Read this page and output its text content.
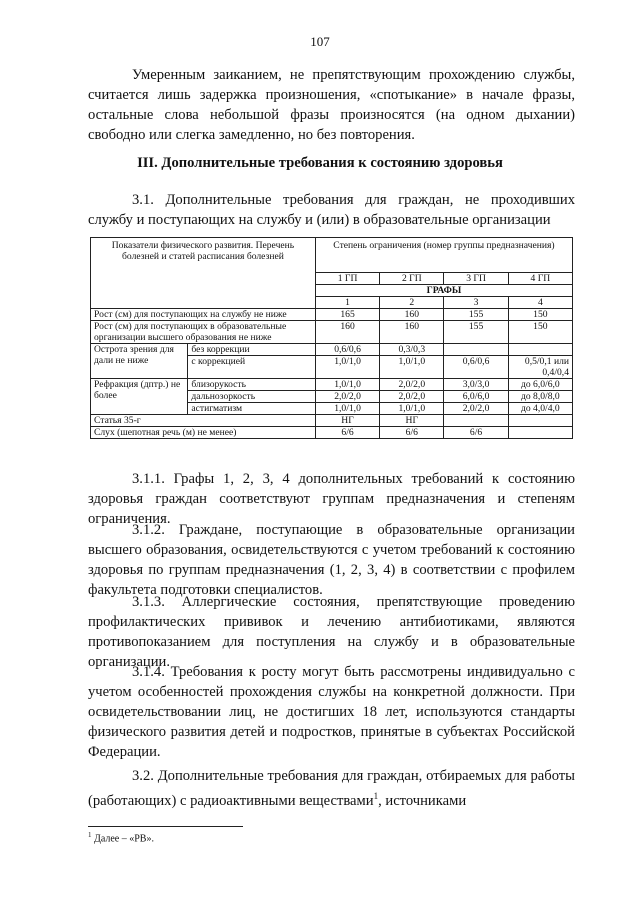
107

Умеренным заиканием, не препятствующим прохождению службы, считается лишь задержка произношения, «спотыкание» в начале фразы, остальные слова небольшой фразы произносятся (на одном дыхании) свободно или слегка замедленно, но без повторения.

III. Дополнительные требования к состоянию здоровья

3.1. Дополнительные требования для граждан, не проходивших службу и поступающих на службу и (или) в образовательные организации

Показатели физического развития. Перечень болезней и статей расписания болезней		Степень ограничения (номер группы предназначения)			
		1 ГП	2 ГП	3 ГП	4 ГП
		ГРАФЫ			
		1	2	3	4
Рост (см) для поступающих на службу не ниже		165	160	155	150
Рост (см) для поступающих в образовательные организации высшего образования не ниже		160	160	155	150
Острота зрения для дали не ниже	без коррекции	0,6/0,6	0,3/0,3		
	с коррекцией	1,0/1,0	1,0/1,0	0,6/0,6	0,5/0,1 или 0,4/0,4
Рефракция (дптр.) не более	близорукость	1,0/1,0	2,0/2,0	3,0/3,0	до 6,0/6,0
	дальнозоркость	2,0/2,0	2,0/2,0	6,0/6,0	до 8,0/8,0
	астигматизм	1,0/1,0	1,0/1,0	2,0/2,0	до 4,0/4,0
Статья 35-г		НГ	НГ		
Слух (шепотная речь (м) не менее)		6/6	6/6	6/6	

3.1.1. Графы 1, 2, 3, 4 дополнительных требований к состоянию здоровья граждан соответствуют группам предназначения и степеням ограничения.

3.1.2. Граждане, поступающие в образовательные организации высшего образования, освидетельствуются с учетом требований к состоянию здоровья по группам предназначения (1, 2, 3, 4) в соответствии с профилем факультета подготовки специалистов.

3.1.3. Аллергические состояния, препятствующие проведению профилактических прививок и лечению антибиотиками, являются противопоказанием для поступления на службу и в образовательные организации.

3.1.4. Требования к росту могут быть рассмотрены индивидуально с учетом особенностей прохождения службы на конкретной должности. При освидетельствовании лиц, не достигших 18 лет, используются стандарты физического развития детей и подростков, принятые в субъектах Российской Федерации.

3.2. Дополнительные требования для граждан, отбираемых для работы (работающих) с радиоактивными веществами$^1$, источниками

$^1$ Далее – «РВ».
